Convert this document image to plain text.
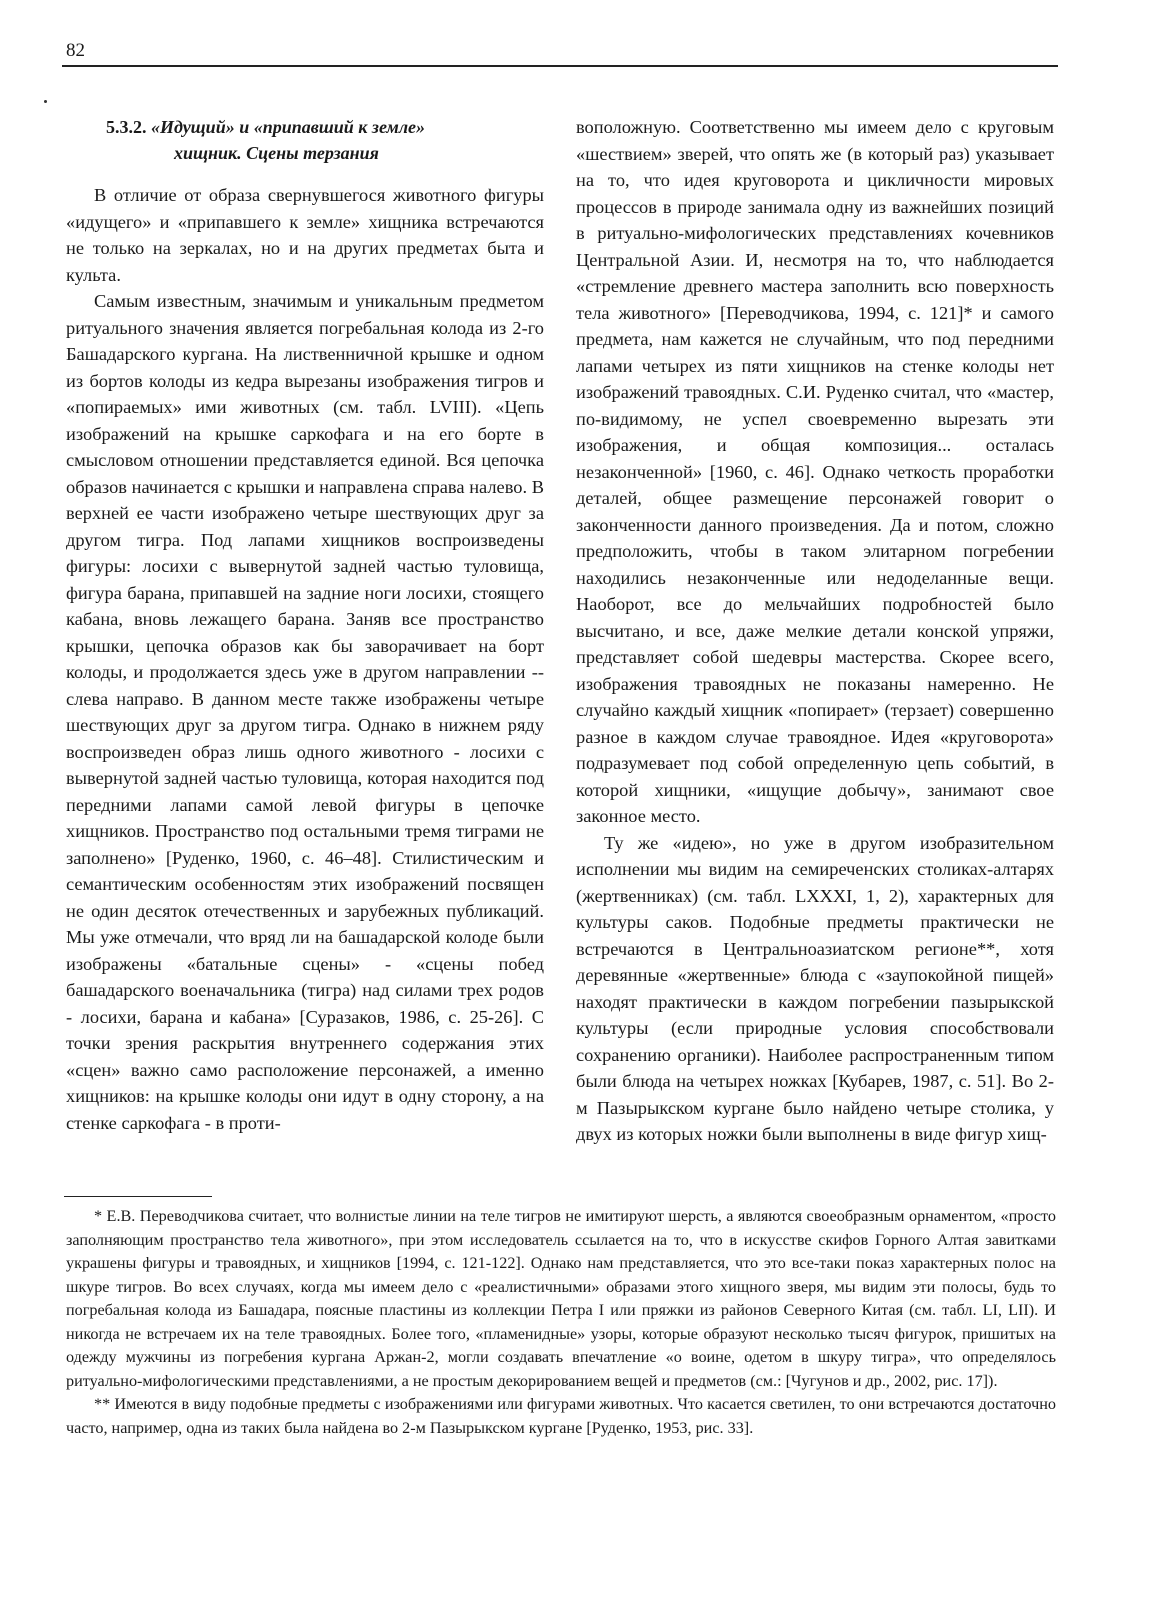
82
5.3.2. «Идущий» и «припавший к земле»
хищник. Сцены терзания

В отличие от образа свернувшегося животного фигуры «идущего» и «припавшего к земле» хищника встречаются не только на зеркалах, но и на других предметах быта и культа.

Самым известным, значимым и уникальным предметом ритуального значения является погребальная колода из 2-го Башадарского кургана. На лиственничной крышке и одном из бортов колоды из кедра вырезаны изображения тигров и «попираемых» ими животных (см. табл. LVIII). «Цепь изображений на крышке саркофага и на его борте в смысловом отношении представляется единой. Вся цепочка образов начинается с крышки и направлена справа налево. В верхней ее части изображено четыре шествующих друг за другом тигра. Под лапами хищников воспроизведены фигуры: лосихи с вывернутой задней частью туловища, фигура барана, припавшей на задние ноги лосихи, стоящего кабана, вновь лежащего барана. Заняв все пространство крышки, цепочка образов как бы заворачивает на борт колоды, и продолжается здесь уже в другом направлении -- слева направо. В данном месте также изображены четыре шествующих друг за другом тигра. Однако в нижнем ряду воспроизведен образ лишь одного животного - лосихи с вывернутой задней частью туловища, которая находится под передними лапами самой левой фигуры в цепочке хищников. Пространство под остальными тремя тиграми не заполнено» [Руденко, 1960, с. 46–48]. Стилистическим и семантическим особенностям этих изображений посвящен не один десяток отечественных и зарубежных публикаций. Мы уже отмечали, что вряд ли на башадарской колоде были изображены «батальные сцены» - «сцены побед башадарского военачальника (тигра) над силами трех родов - лосихи, барана и кабана» [Суразаков, 1986, с. 25-26]. С точки зрения раскрытия внутреннего содержания этих «сцен» важно само расположение персонажей, а именно хищников: на крышке колоды они идут в одну сторону, а на стенке саркофага - в проти-

воположную. Соответственно мы имеем дело с круговым «шествием» зверей, что опять же (в который раз) указывает на то, что идея круговорота и цикличности мировых процессов в природе занимала одну из важнейших позиций в ритуально-мифологических представлениях кочевников Центральной Азии. И, несмотря на то, что наблюдается «стремление древнего мастера заполнить всю поверхность тела животного» [Переводчикова, 1994, с. 121]* и самого предмета, нам кажется не случайным, что под передними лапами четырех из пяти хищников на стенке колоды нет изображений травоядных. С.И. Руденко считал, что «мастер, по-видимому, не успел своевременно вырезать эти изображения, и общая композиция... осталась незаконченной» [1960, с. 46]. Однако четкость проработки деталей, общее размещение персонажей говорит о законченности данного произведения. Да и потом, сложно предположить, чтобы в таком элитарном погребении находились незаконченные или недоделанные вещи. Наоборот, все до мельчайших подробностей было высчитано, и все, даже мелкие детали конской упряжи, представляет собой шедевры мастерства. Скорее всего, изображения травоядных не показаны намеренно. Не случайно каждый хищник «попирает» (терзает) совершенно разное в каждом случае травоядное. Идея «круговорота» подразумевает под собой определенную цепь событий, в которой хищники, «ищущие добычу», занимают свое законное место.

Ту же «идею», но уже в другом изобразительном исполнении мы видим на семиреченских столиках-алтарях (жертвенниках) (см. табл. LXXXI, 1, 2), характерных для культуры саков. Подобные предметы практически не встречаются в Центральноазиатском регионе**, хотя деревянные «жертвенные» блюда с «заупокойной пищей» находят практически в каждом погребении пазырыкской культуры (если природные условия способствовали сохранению органики). Наиболее распространенным типом были блюда на четырех ножках [Кубарев, 1987, с. 51]. Во 2-м Пазырыкском кургане было найдено четыре столика, у двух из которых ножки были выполнены в виде фигур хищ-

* Е.В. Переводчикова считает, что волнистые линии на теле тигров не имитируют шерсть, а являются своеобразным орнаментом, «просто заполняющим пространство тела животного», при этом исследователь ссылается на то, что в искусстве скифов Горного Алтая завитками украшены фигуры и травоядных, и хищников [1994, с. 121-122]. Однако нам представляется, что это все-таки показ характерных полос на шкуре тигров. Во всех случаях, когда мы имеем дело с «реалистичными» образами этого хищного зверя, мы видим эти полосы, будь то погребальная колода из Башадара, поясные пластины из коллекции Петра I или пряжки из районов Северного Китая (см. табл. LI, LII). И никогда не встречаем их на теле травоядных. Более того, «пламенидные» узоры, которые образуют несколько тысяч фигурок, пришитых на одежду мужчины из погребения кургана Аржан-2, могли создавать впечатление «о воине, одетом в шкуру тигра», что определялось ритуально-мифологическими представлениями, а не простым декорированием вещей и предметов (см.: [Чугунов и др., 2002, рис. 17]).

** Имеются в виду подобные предметы с изображениями или фигурами животных. Что касается светилен, то они встречаются достаточно часто, например, одна из таких была найдена во 2-м Пазырыкском кургане [Руденко, 1953, рис. 33].
